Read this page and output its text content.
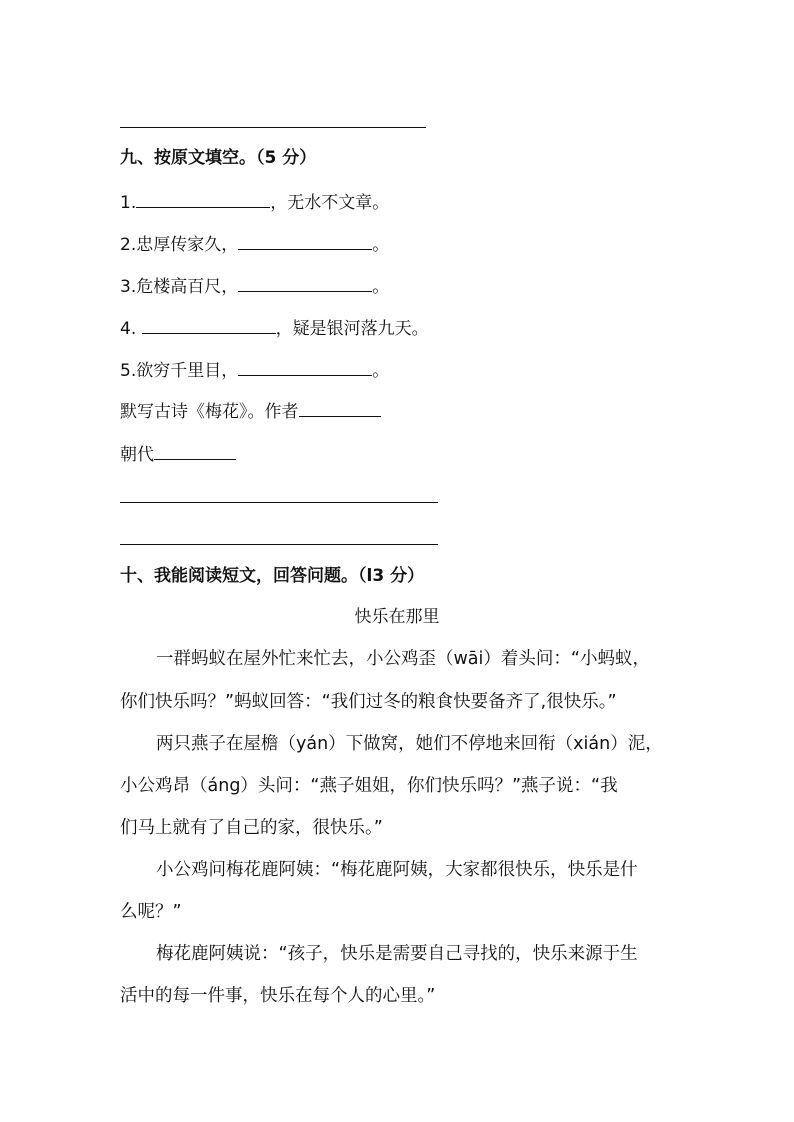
九、按原文填空。（5 分）
1.	，无水不文章。
2.忠厚传家久，	。
3.危楼高百尺，	。
4.	，疑是银河落九天。
5.欲穷千里目，	。
默写古诗《梅花》。作者
朝代
十、我能阅读短文，回答问题。（l3 分）
快乐在那里
一群蚂蚁在屋外忙来忙去，小公鸡歪（wāi）着头问：“小蚂蚁，
你们快乐吗？”蚂蚁回答：“我们过冬的粮食快要备齐了,很快乐。”
两只燕子在屋檐（yán）下做窝，她们不停地来回衔（xián）泥，
小公鸡昂（áng）头问：“燕子姐姐，你们快乐吗？”燕子说：“我
们马上就有了自己的家，很快乐。”
小公鸡问梅花鹿阿姨：“梅花鹿阿姨，大家都很快乐，快乐是什
么呢？”
梅花鹿阿姨说：“孩子，快乐是需要自己寻找的，快乐来源于生
活中的每一件事，快乐在每个人的心里。”
